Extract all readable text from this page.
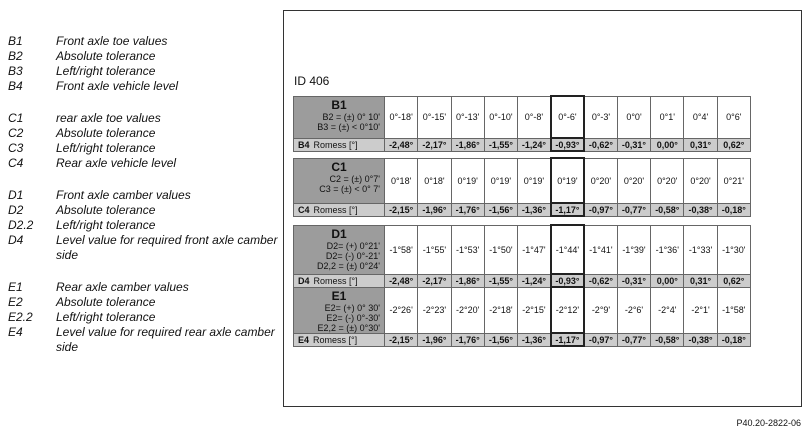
B1	Front axle toe values
B2	Absolute tolerance
B3	Left/right tolerance
B4	Front axle vehicle level
C1	rear axle toe values
C2	Absolute tolerance
C3	Left/right tolerance
C4	Rear axle vehicle level
D1	Front axle camber values
D2	Absolute tolerance
D2.2	Left/right tolerance
D4	Level value for required front axle camber side
E1	Rear axle camber values
E2	Absolute tolerance
E2.2	Left/right tolerance
E4	Level value for required rear axle camber side
ID 406
B1
B2 = (±) 0° 10'
B3 = (±) < 0°10'	0°-18'	0°-15'	0°-13'	0°-10'	0°-8'	0°-6'	0°-3'	0°0'	0°1'	0°4'	0°6'
B4 Romess [°]	-2,48°	-2,17°	-1,86°	-1,55°	-1,24°	-0,93°	-0,62°	-0,31°	0,00°	0,31°	0,62°
C1
C2 = (±) 0°7'
C3 = (±) < 0° 7'	0°18'	0°18'	0°19'	0°19'	0°19'	0°19'	0°20'	0°20'	0°20'	0°20'	0°21'
C4 Romess [°]	-2,15°	-1,96°	-1,76°	-1,56°	-1,36°	-1,17°	-0,97°	-0,77°	-0,58°	-0,38°	-0,18°
D1
D2= (+) 0°21'
D2= (-) 0°-21'
D2,2 = (±) 0°24'	-1°58'	-1°55'	-1°53'	-1°50'	-1°47'	-1°44'	-1°41'	-1°39'	-1°36'	-1°33'	-1°30'
D4 Romess [°]	-2,48°	-2,17°	-1,86°	-1,55°	-1,24°	-0,93°	-0,62°	-0,31°	0,00°	0,31°	0,62°
E1
E2= (+) 0° 30'
E2= (-) 0°-30'
E2,2 = (±) 0°30'	-2°26'	-2°23'	-2°20'	-2°18'	-2°15'	-2°12'	-2°9'	-2°6'	-2°4'	-2°1'	-1°58'
E4 Romess [°]	-2,15°	-1,96°	-1,76°	-1,56°	-1,36°	-1,17°	-0,97°	-0,77°	-0,58°	-0,38°	-0,18°
P40.20-2822-06
